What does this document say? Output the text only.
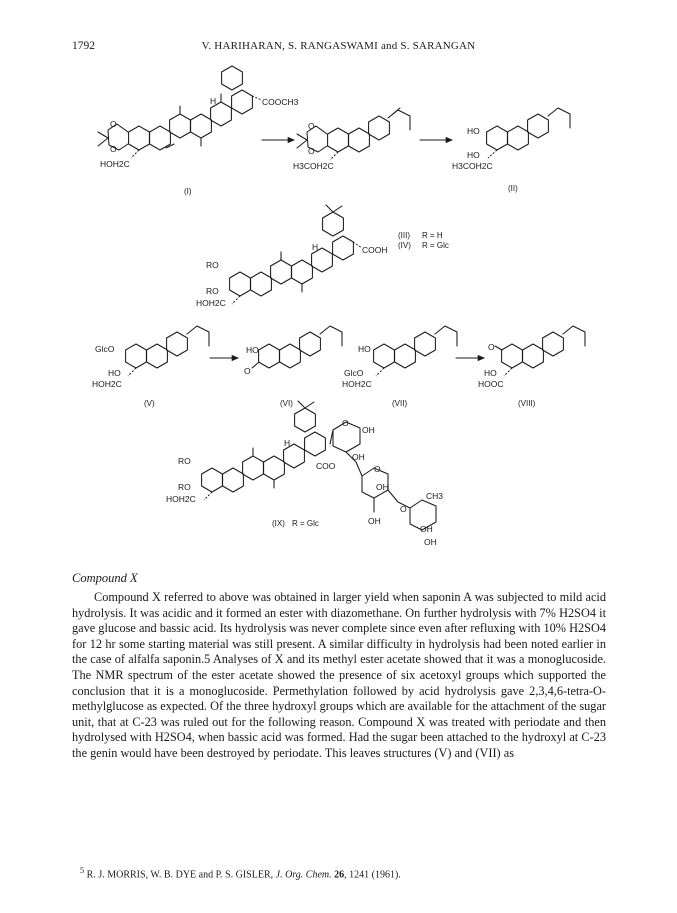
1792	V. HARIHARAN, S. RANGASWAMI and S. SARANGAN
O
O
HOH2C
H	COOCH3
(I)
O
O
H3COH2C
HO
HO
H3COH2C
(II)
H	COOH
RO
RO
HOH2C
(III) R = H
(IV) R = Glc
GlcO
HO
HOH2C
(V)
HO
O
(VI)
HO
GlcO
HOH2C
(VII)
O
HO
HOOC
(VIII)
H
COO
O
OH
OH
O
OH
OH
O
CH3
OH
OH
RO
RO
HOH2C
(IX) R = Glc
Compound X

Compound X referred to above was obtained in larger yield when saponin A was subjected to mild acid hydrolysis. It was acidic and it formed an ester with diazomethane. On further hydrolysis with 7% H2SO4 it gave glucose and bassic acid. Its hydrolysis was never complete since even after refluxing with 10% H2SO4 for 12 hr some starting material was still present. A similar difficulty in hydrolysis had been noted earlier in the case of alfalfa saponin.5 Analyses of X and its methyl ester acetate showed that it was a monoglucoside. The NMR spectrum of the ester acetate showed the presence of six acetoxyl groups which supported the conclusion that it is a monoglucoside. Permethylation followed by acid hydrolysis gave 2,3,4,6-tetra-O-methylglucose as expected. Of the three hydroxyl groups which are available for the attachment of the sugar unit, that at C-23 was ruled out for the following reason. Compound X was treated with periodate and then hydrolysed with H2SO4, when bassic acid was formed. Had the sugar been attached to the hydroxyl at C-23 the genin would have been destroyed by periodate. This leaves structures (V) and (VII) as

$^5$ R. J. MORRIS, W. B. DYE and P. S. GISLER, J. Org. Chem. 26, 1241 (1961).
